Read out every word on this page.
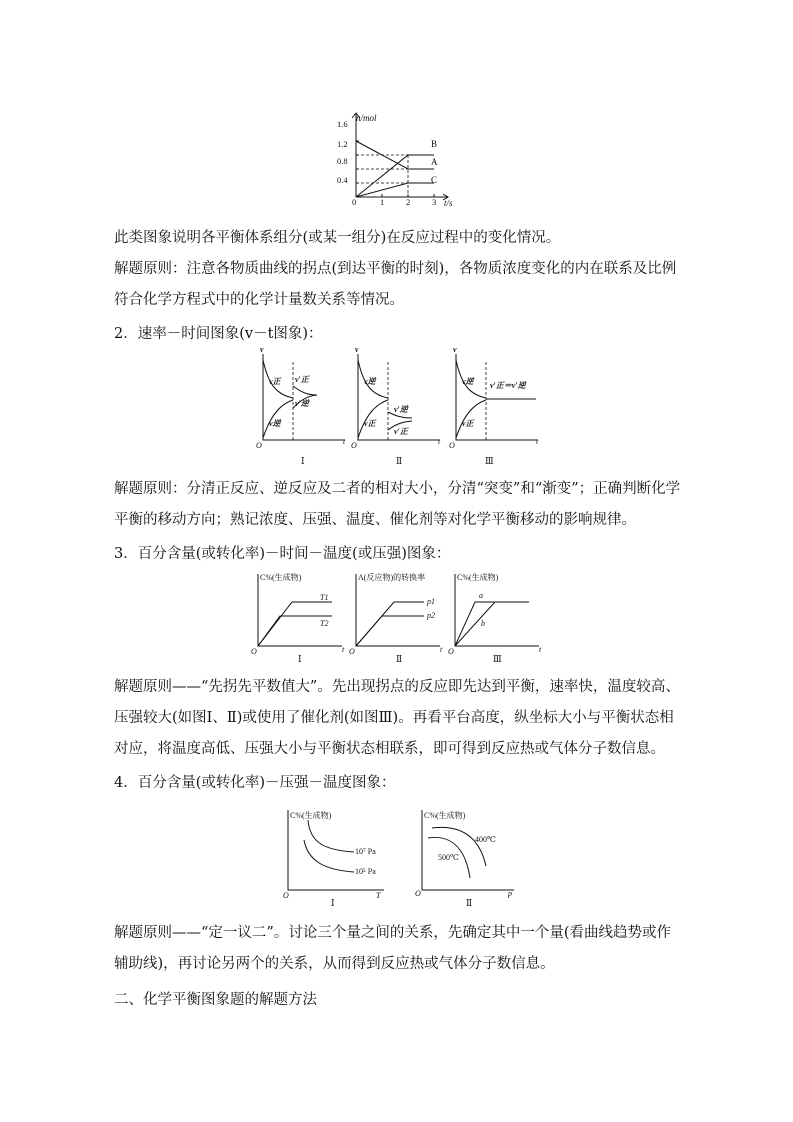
n/mol
t/s
0
1.6
1.2
0.8
0.4
1	2	3
B
A
C

此类图象说明各平衡体系组分(或某一组分)在反应过程中的变化情况。

解题原则：注意各物质曲线的拐点(到达平衡的时刻)，各物质浓度变化的内在联系及比例符合化学方程式中的化学计量数关系等情况。

2．速率－时间图象(v－t图象)：

v
t
O
v正
v逆
v′正
v′逆
Ⅰ
v
t
O
v逆
v正
v′逆
v′正
Ⅱ
v
t
O
v逆
v正
v′正＝v′逆
Ⅲ

解题原则：分清正反应、逆反应及二者的相对大小，分清“突变”和“渐变”；正确判断化学平衡的移动方向；熟记浓度、压强、温度、催化剂等对化学平衡移动的影响规律。

3．百分含量(或转化率)－时间－温度(或压强)图象：

C%(生成物)
t
O
T1
T2
Ⅰ
A(反应物)的转换率
t
O
p1
p2
Ⅱ
C%(生成物)
t
O
a
b
Ⅲ

解题原则——“先拐先平数值大”。先出现拐点的反应即先达到平衡，速率快，温度较高、压强较大(如图Ⅰ、Ⅱ)或使用了催化剂(如图Ⅲ)。再看平台高度，纵坐标大小与平衡状态相对应，将温度高低、压强大小与平衡状态相联系，即可得到反应热或气体分子数信息。

4．百分含量(或转化率)－压强－温度图象：

C%(生成物)
T
O
10⁷ Pa
10⁵ Pa
Ⅰ
C%(生成物)
p
O
400℃
500℃
Ⅱ

解题原则——“定一议二”。讨论三个量之间的关系，先确定其中一个量(看曲线趋势或作辅助线)，再讨论另两个的关系，从而得到反应热或气体分子数信息。

二、化学平衡图象题的解题方法
